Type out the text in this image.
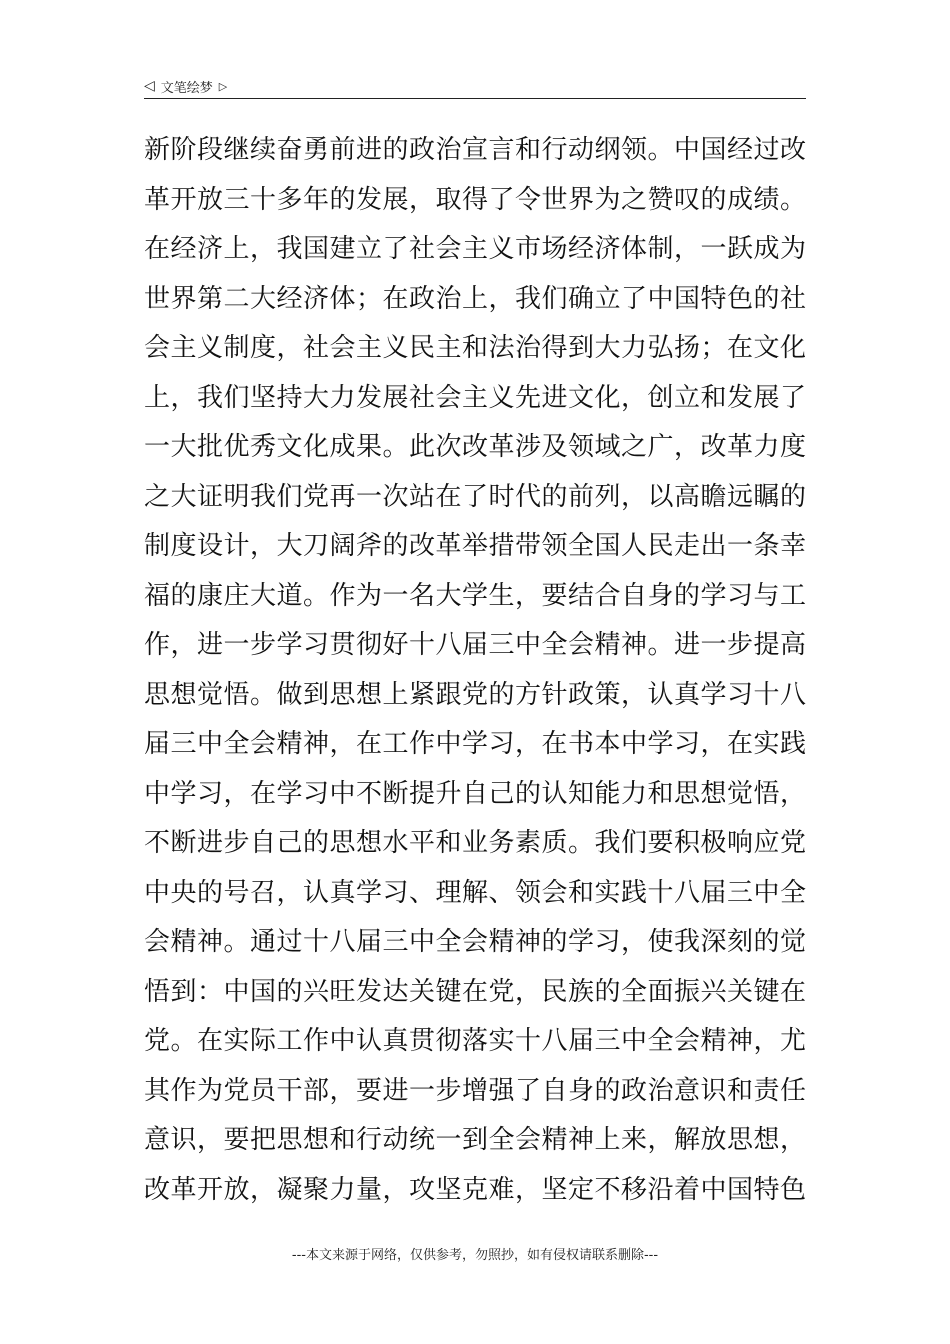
◁ 文笔绘梦 ▷
新阶段继续奋勇前进的政治宣言和行动纲领。中国经过改
革开放三十多年的发展，取得了令世界为之赞叹的成绩。
在经济上，我国建立了社会主义市场经济体制，一跃成为
世界第二大经济体；在政治上，我们确立了中国特色的社
会主义制度，社会主义民主和法治得到大力弘扬；在文化
上，我们坚持大力发展社会主义先进文化，创立和发展了
一大批优秀文化成果。此次改革涉及领域之广，改革力度
之大证明我们党再一次站在了时代的前列，以高瞻远瞩的
制度设计，大刀阔斧的改革举措带领全国人民走出一条幸
福的康庄大道。作为一名大学生，要结合自身的学习与工
作，进一步学习贯彻好十八届三中全会精神。进一步提高
思想觉悟。做到思想上紧跟党的方针政策，认真学习十八
届三中全会精神，在工作中学习，在书本中学习，在实践
中学习，在学习中不断提升自己的认知能力和思想觉悟，
不断进步自己的思想水平和业务素质。我们要积极响应党
中央的号召，认真学习、理解、领会和实践十八届三中全
会精神。通过十八届三中全会精神的学习，使我深刻的觉
悟到：中国的兴旺发达关键在党，民族的全面振兴关键在
党。在实际工作中认真贯彻落实十八届三中全会精神，尤
其作为党员干部，要进一步增强了自身的政治意识和责任
意识，要把思想和行动统一到全会精神上来，解放思想，
改革开放，凝聚力量，攻坚克难，坚定不移沿着中国特色
---本文来源于网络，仅供参考，勿照抄，如有侵权请联系删除---
